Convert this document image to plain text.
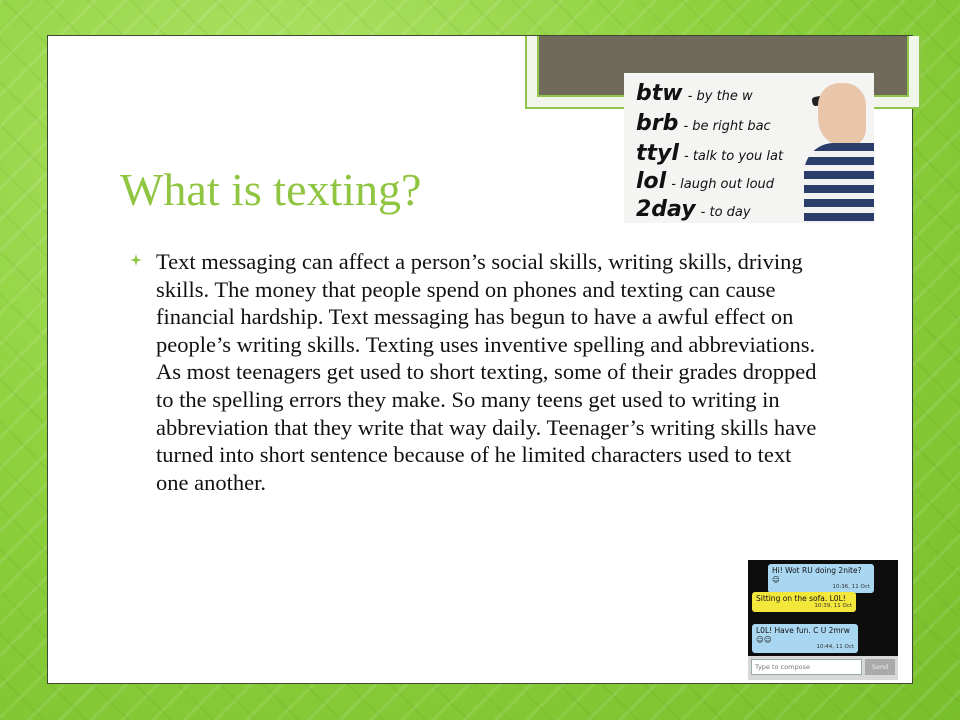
What is texting?
Text messaging can affect a person’s social skills, writing skills, driving skills. The money that people spend on phones and texting can cause financial hardship. Text messaging has begun to have a awful effect on people’s writing skills. Texting uses inventive spelling and abbreviations. As most teenagers get used to short texting, some of their grades dropped to the spelling errors they make. So many teens get used to writing in abbreviation that they write that way daily. Teenager’s writing skills have turned into short sentence because of he limited characters used to text one another.
btw - by the w
brb - be right bac
ttyl - talk to you lat
lol - laugh out loud
2day - to day
Hi! Wot RU doing 2nite? ☺
10:36, 11 Oct
Sitting on the sofa. L0L!
10:39, 11 Oct
L0L! Have fun. C U 2mrw ☺☺
10:44, 11 Oct
Type to compose	Send
